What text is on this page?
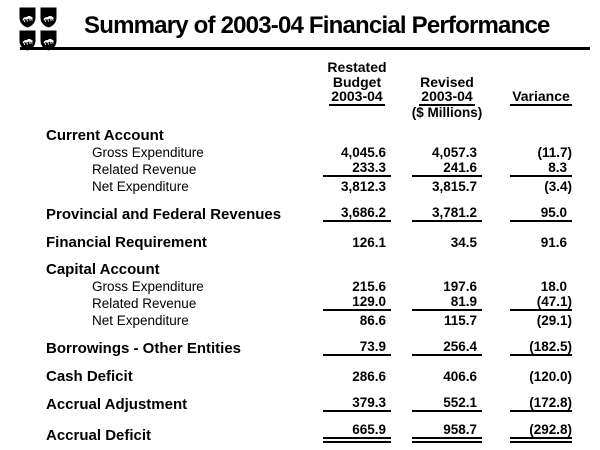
Summary of 2003-04 Financial Performance
Restated
Budget	Revised
2003-04	2003-04	Variance
($ Millions)
Current Account
Gross Expenditure	4,045.6	4,057.3	(11.7)
Related Revenue	233.3	241.6	8.3
Net Expenditure	3,812.3	3,815.7	(3.4)
Provincial and Federal Revenues	3,686.2	3,781.2	95.0
Financial Requirement	126.1	34.5	91.6
Capital Account
Gross Expenditure	215.6	197.6	18.0
Related Revenue	129.0	81.9	(47.1)
Net Expenditure	86.6	115.7	(29.1)
Borrowings - Other Entities	73.9	256.4	(182.5)
Cash Deficit	286.6	406.6	(120.0)
Accrual Adjustment	379.3	552.1	(172.8)
Accrual Deficit	665.9	958.7	(292.8)
